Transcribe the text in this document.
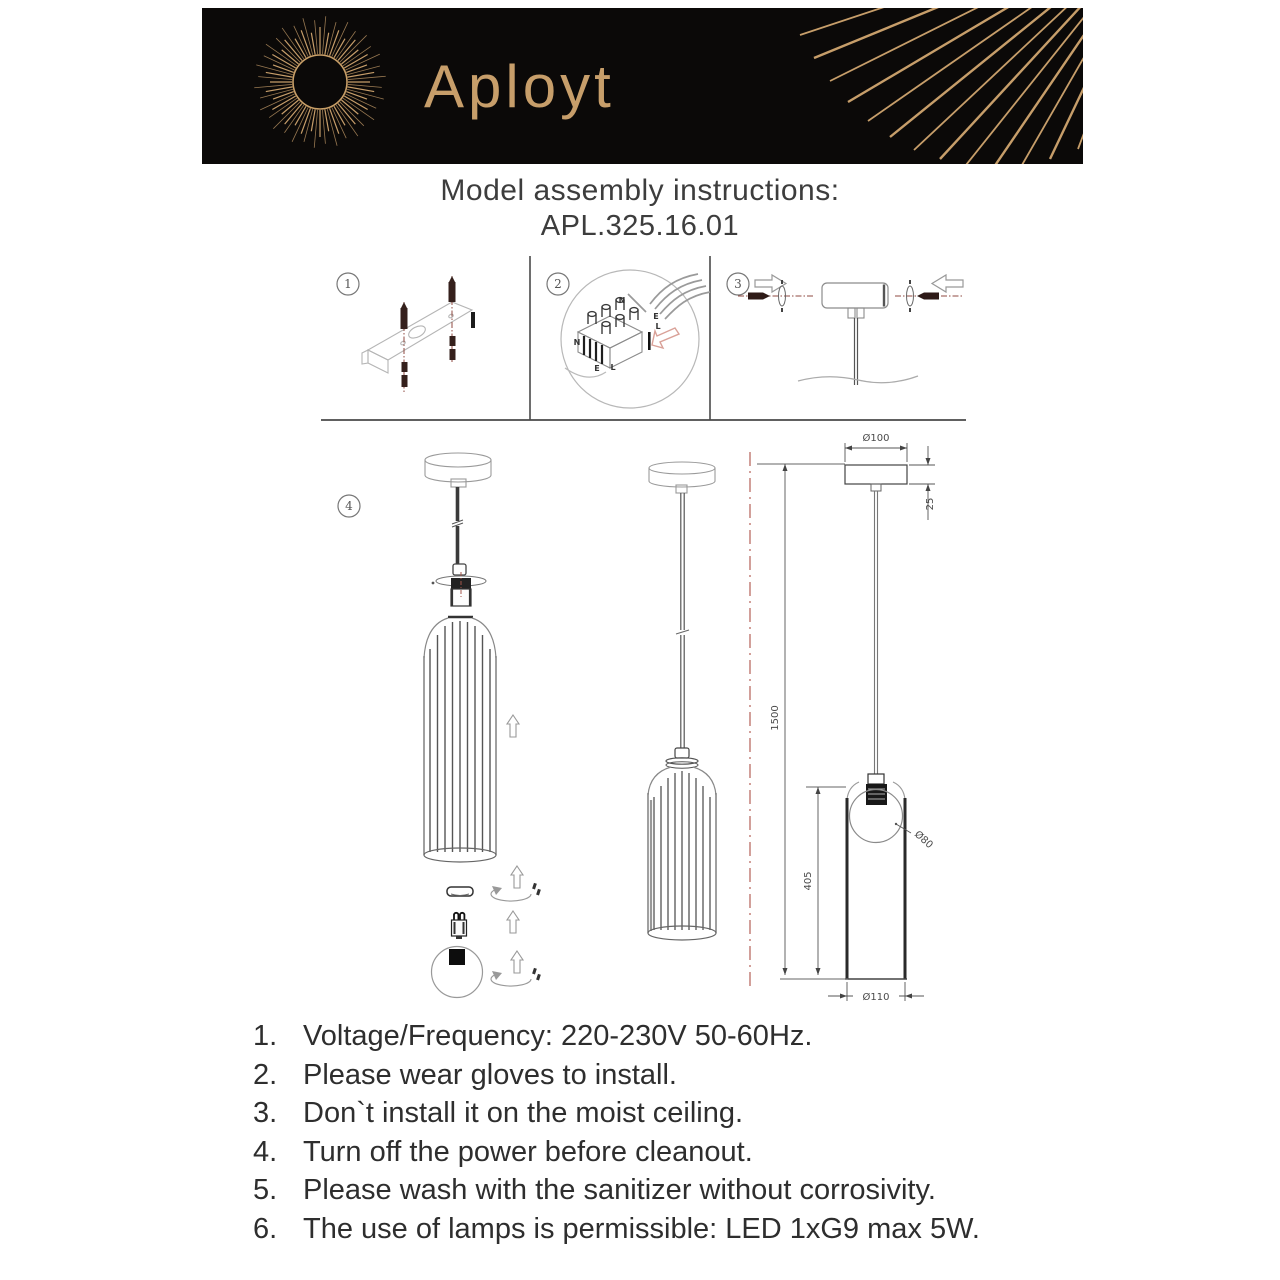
Aployt
Model assembly instructions:
APL.325.16.01
1	2
N
E
L
N
E L
3
4
Ø100
25
1500
405
Ø80
Ø110
1. Voltage/Frequency: 220-230V 50-60Hz.
2. Please wear gloves to install.
3. Don`t install it on the moist ceiling.
4. Turn off the power before cleanout.
5. Please wash with the sanitizer without corrosivity.
6. The use of lamps is permissible: LED 1xG9 max 5W.
